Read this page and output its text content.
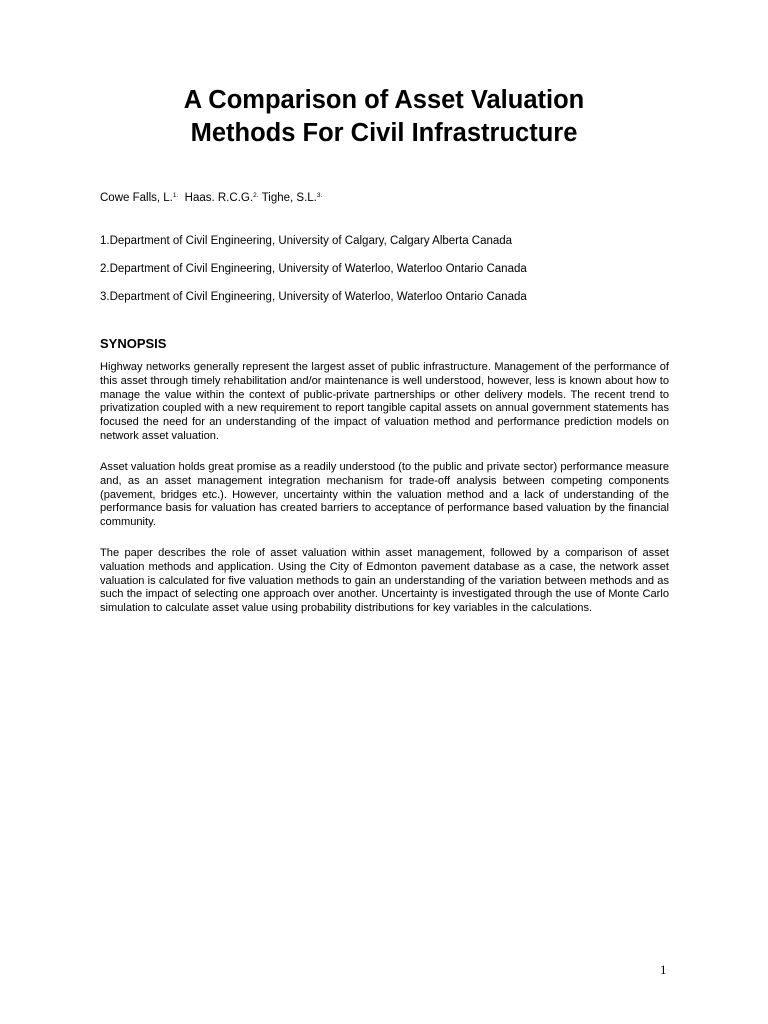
A Comparison of Asset Valuation
Methods For Civil Infrastructure
Cowe Falls, L.$^{1.}$ Haas. R.C.G.$^{2.}$ Tighe, S.L.$^{3.}$
1.Department of Civil Engineering, University of Calgary, Calgary Alberta Canada
2.Department of Civil Engineering, University of Waterloo, Waterloo Ontario Canada
3.Department of Civil Engineering, University of Waterloo, Waterloo Ontario Canada
SYNOPSIS

Highway networks generally represent the largest asset of public infrastructure. Management of the performance of this asset through timely rehabilitation and/or maintenance is well understood, however, less is known about how to manage the value within the context of public-private partnerships or other delivery models. The recent trend to privatization coupled with a new requirement to report tangible capital assets on annual government statements has focused the need for an understanding of the impact of valuation method and performance prediction models on network asset valuation.

Asset valuation holds great promise as a readily understood (to the public and private sector) performance measure and, as an asset management integration mechanism for trade-off analysis between competing components (pavement, bridges etc.). However, uncertainty within the valuation method and a lack of understanding of the performance basis for valuation has created barriers to acceptance of performance based valuation by the financial community.

The paper describes the role of asset valuation within asset management, followed by a comparison of asset valuation methods and application. Using the City of Edmonton pavement database as a case, the network asset valuation is calculated for five valuation methods to gain an understanding of the variation between methods and as such the impact of selecting one approach over another. Uncertainty is investigated through the use of Monte Carlo simulation to calculate asset value using probability distributions for key variables in the calculations.

1
